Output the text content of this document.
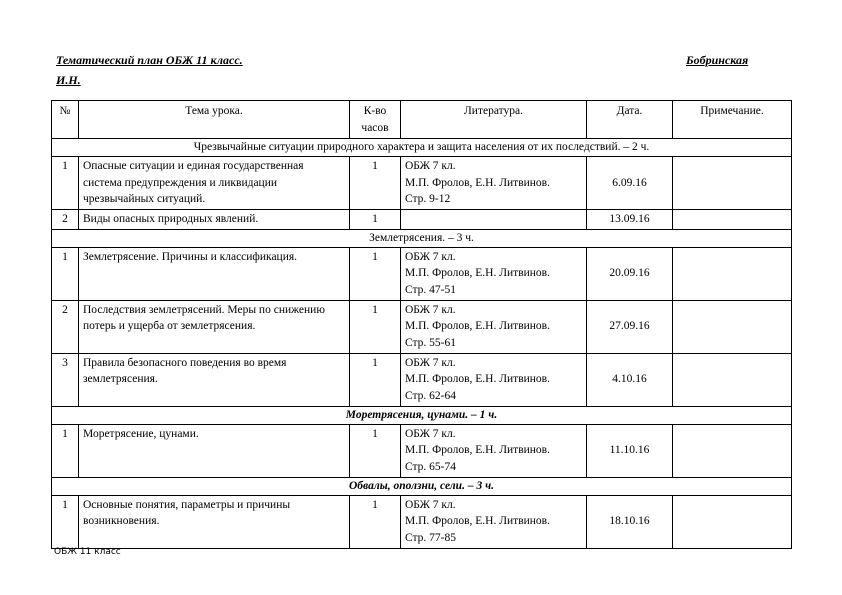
Тематический план ОБЖ 11 класс.	Бобринская
И.Н.
№	Тема урока.	К-во часов	Литература.	Дата.	Примечание.
Чрезвычайные ситуации природного характера и защита населения от их последствий. – 2 ч.					
1	Опасные ситуации и единая государственная система предупреждения и ликвидации чрезвычайных ситуаций.	1	ОБЖ 7 кл.
М.П. Фролов, Е.Н. Литвинов.
Стр. 9-12	6.09.16	
2	Виды опасных природных явлений.	1		13.09.16	
Землетрясения. – 3 ч.					
1	Землетрясение. Причины и классификация.	1	ОБЖ 7 кл.
М.П. Фролов, Е.Н. Литвинов.
Стр. 47-51	20.09.16	
2	Последствия землетрясений. Меры по снижению потерь и ущерба от землетрясения.	1	ОБЖ 7 кл.
М.П. Фролов, Е.Н. Литвинов.
Стр. 55-61	27.09.16	
3	Правила безопасного поведения во время землетрясения.	1	ОБЖ 7 кл.
М.П. Фролов, Е.Н. Литвинов.
Стр. 62-64	4.10.16	
Моретрясения, цунами. – 1 ч.					
1	Моретрясение, цунами.	1	ОБЖ 7 кл.
М.П. Фролов, Е.Н. Литвинов.
Стр. 65-74	11.10.16	
Обвалы, оползни, сели. – 3 ч.					
1	Основные понятия, параметры и причины возникновения.	1	ОБЖ 7 кл.
М.П. Фролов, Е.Н. Литвинов.
Стр. 77-85	18.10.16	
ОБЖ 11 класс
